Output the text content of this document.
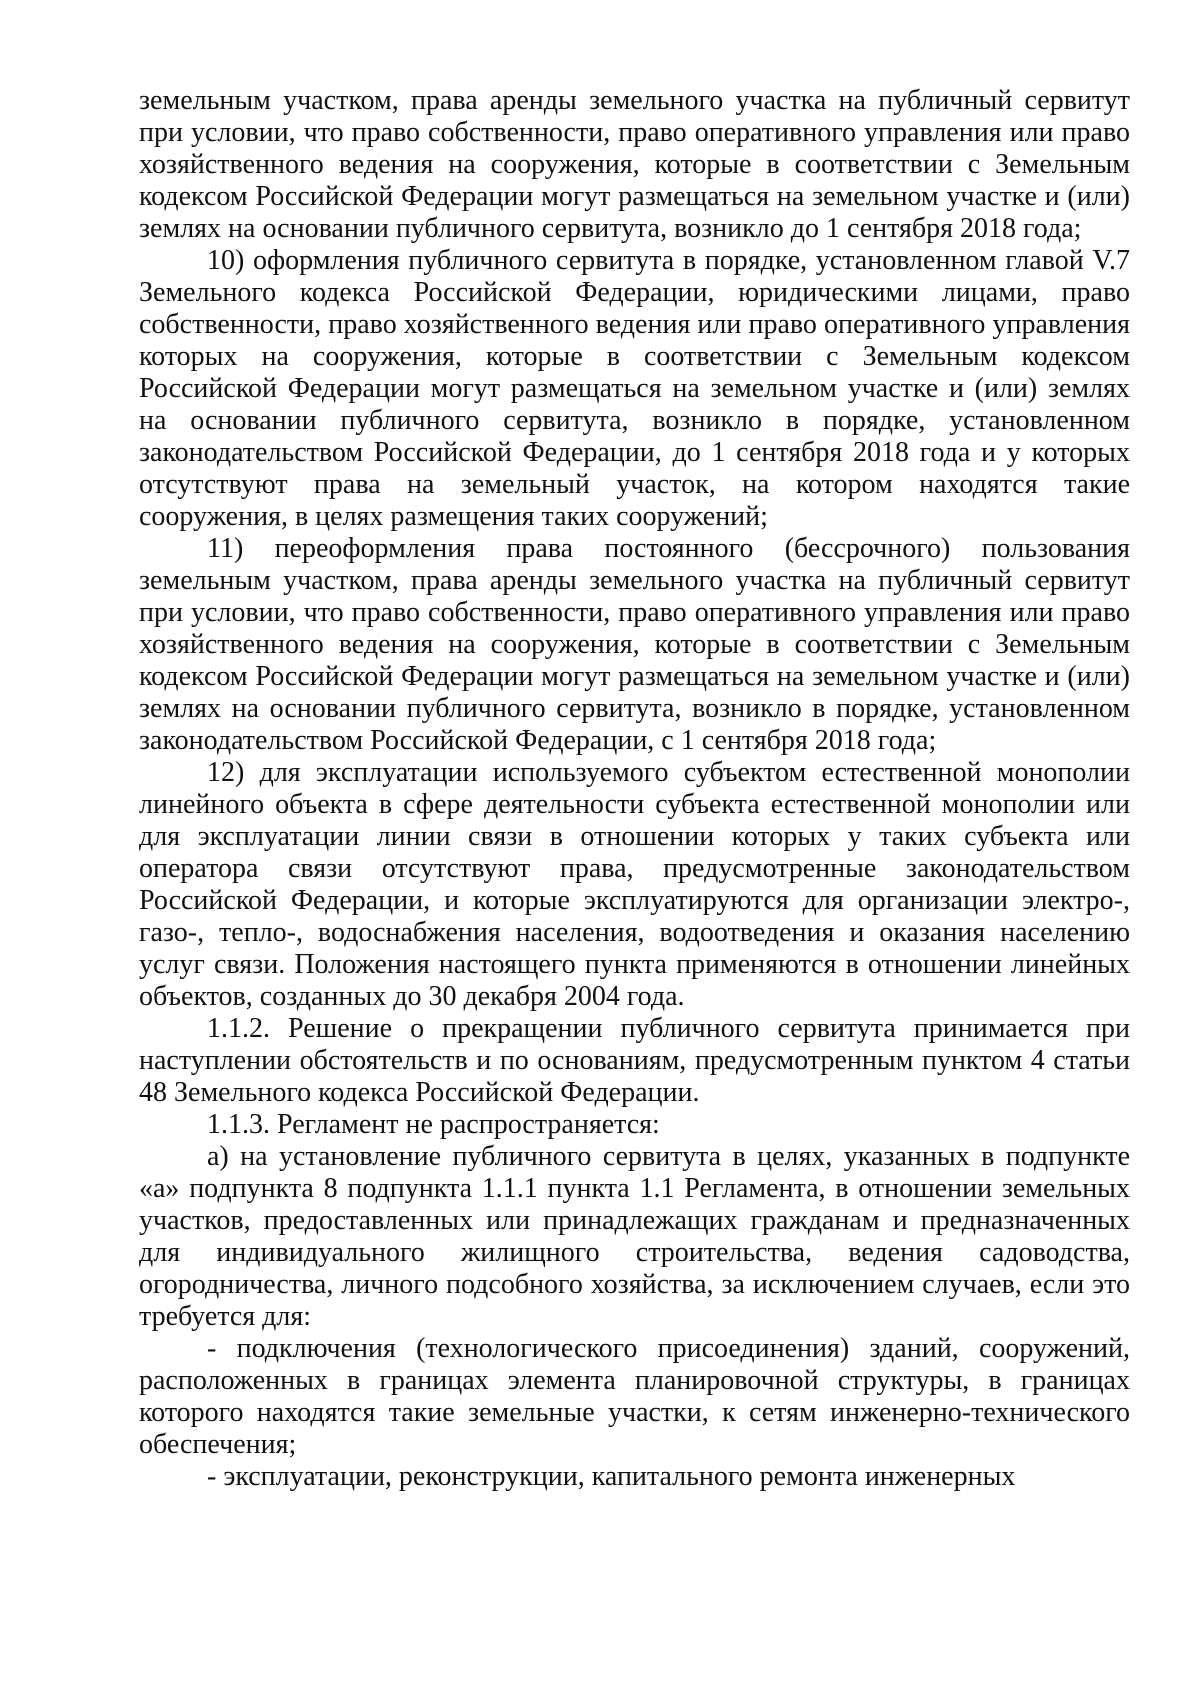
земельным участком, права аренды земельного участка на публичный сервитут при условии, что право собственности, право оперативного управления или право хозяйственного ведения на сооружения, которые в соответствии с Земельным кодексом Российской Федерации могут размещаться на земельном участке и (или) землях на основании публичного сервитута, возникло до 1 сентября 2018 года;

10) оформления публичного сервитута в порядке, установленном главой V.7 Земельного кодекса Российской Федерации, юридическими лицами, право собственности, право хозяйственного ведения или право оперативного управления которых на сооружения, которые в соответствии с Земельным кодексом Российской Федерации могут размещаться на земельном участке и (или) землях на основании публичного сервитута, возникло в порядке, установленном законодательством Российской Федерации, до 1 сентября 2018 года и у которых отсутствуют права на земельный участок, на котором находятся такие сооружения, в целях размещения таких сооружений;

11) переоформления права постоянного (бессрочного) пользования земельным участком, права аренды земельного участка на публичный сервитут при условии, что право собственности, право оперативного управления или право хозяйственного ведения на сооружения, которые в соответствии с Земельным кодексом Российской Федерации могут размещаться на земельном участке и (или) землях на основании публичного сервитута, возникло в порядке, установленном законодательством Российской Федерации, с 1 сентября 2018 года;

12) для эксплуатации используемого субъектом естественной монополии линейного объекта в сфере деятельности субъекта естественной монополии или для эксплуатации линии связи в отношении которых у таких субъекта или оператора связи отсутствуют права, предусмотренные законодательством Российской Федерации, и которые эксплуатируются для организации электро-, газо-, тепло-, водоснабжения населения, водоотведения и оказания населению услуг связи. Положения настоящего пункта применяются в отношении линейных объектов, созданных до 30 декабря 2004 года.

1.1.2. Решение о прекращении публичного сервитута принимается при наступлении обстоятельств и по основаниям, предусмотренным пунктом 4 статьи 48 Земельного кодекса Российской Федерации.

1.1.3. Регламент не распространяется:

а) на установление публичного сервитута в целях, указанных в подпункте «а» подпункта 8 подпункта 1.1.1 пункта 1.1 Регламента, в отношении земельных участков, предоставленных или принадлежащих гражданам и предназначенных для индивидуального жилищного строительства, ведения садоводства, огородничества, личного подсобного хозяйства, за исключением случаев, если это требуется для:

- подключения (технологического присоединения) зданий, сооружений, расположенных в границах элемента планировочной структуры, в границах которого находятся такие земельные участки, к сетям инженерно-технического обеспечения;

- эксплуатации, реконструкции, капитального ремонта инженерных
